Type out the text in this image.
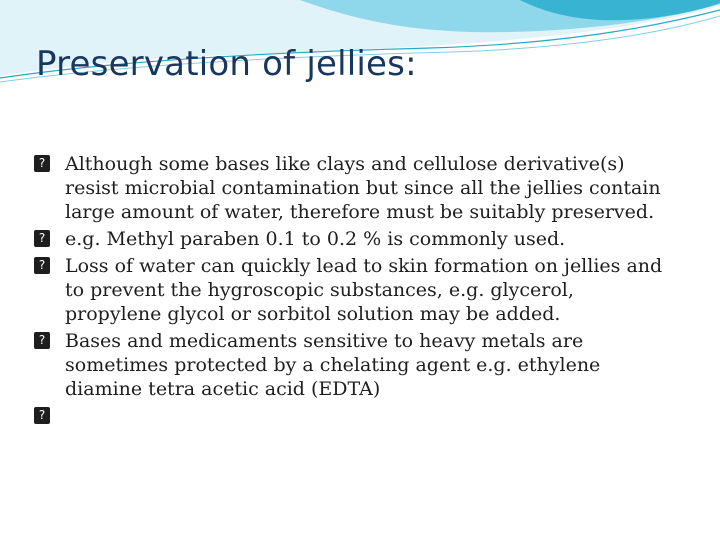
Preservation of jellies:
? Although some bases like clays and cellulose derivative(s) resist microbial contamination but since all the jellies contain large amount of water, therefore must be suitably preserved.
? e.g. Methyl paraben 0.1 to 0.2 % is commonly used.
? Loss of water can quickly lead to skin formation on jellies and to prevent the hygroscopic substances, e.g. glycerol, propylene glycol or sorbitol solution may be added.
? Bases and medicaments sensitive to heavy metals are sometimes protected by a chelating agent e.g. ethylene diamine tetra acetic acid (EDTA)
?
